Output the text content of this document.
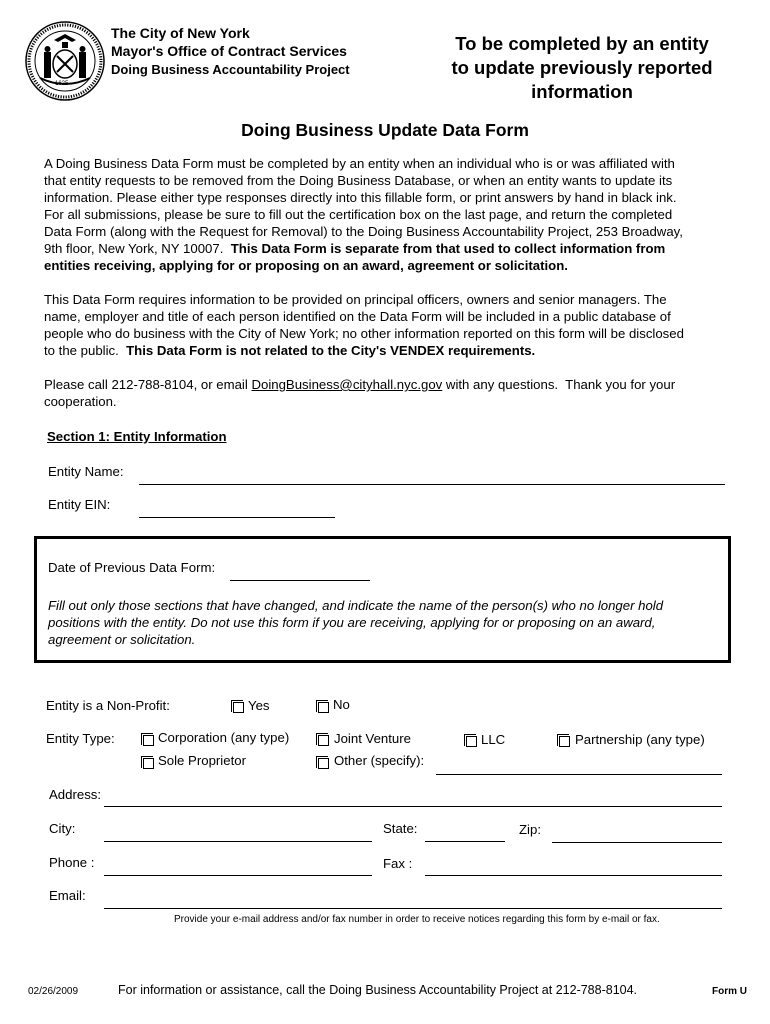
1625
The City of New York
Mayor's Office of Contract Services
Doing Business Accountability Project
To be completed by an entity
to update previously reported
information
Doing Business Update Data Form
A Doing Business Data Form must be completed by an entity when an individual who is or was affiliated with
that entity requests to be removed from the Doing Business Database, or when an entity wants to update its
information. Please either type responses directly into this fillable form, or print answers by hand in black ink.
For all submissions, please be sure to fill out the certification box on the last page, and return the completed
Data Form (along with the Request for Removal) to the Doing Business Accountability Project, 253 Broadway,
9th floor, New York, NY 10007.  This Data Form is separate from that used to collect information from
entities receiving, applying for or proposing on an award, agreement or solicitation.
This Data Form requires information to be provided on principal officers, owners and senior managers. The
name, employer and title of each person identified on the Data Form will be included in a public database of
people who do business with the City of New York; no other information reported on this form will be disclosed
to the public.  This Data Form is not related to the City's VENDEX requirements.
Please call 212-788-8104, or email DoingBusiness@cityhall.nyc.gov with any questions.  Thank you for your
cooperation.
Section 1: Entity Information
Entity Name:
Entity EIN:
Date of Previous Data Form:
Fill out only those sections that have changed, and indicate the name of the person(s) who no longer hold
positions with the entity. Do not use this form if you are receiving, applying for or proposing on an award,
agreement or solicitation.
Entity is a Non-Profit:	Yes	No
Entity Type:	Corporation (any type)	Joint Venture	LLC	Partnership (any type)
Sole Proprietor	Other (specify):
Address:
City:	State:	Zip:
Phone :	Fax :
Email:
Provide your e-mail address and/or fax number in order to receive notices regarding this form by e-mail or fax.
02/26/2009	For information or assistance, call the Doing Business Accountability Project at 212-788-8104.	Form U
